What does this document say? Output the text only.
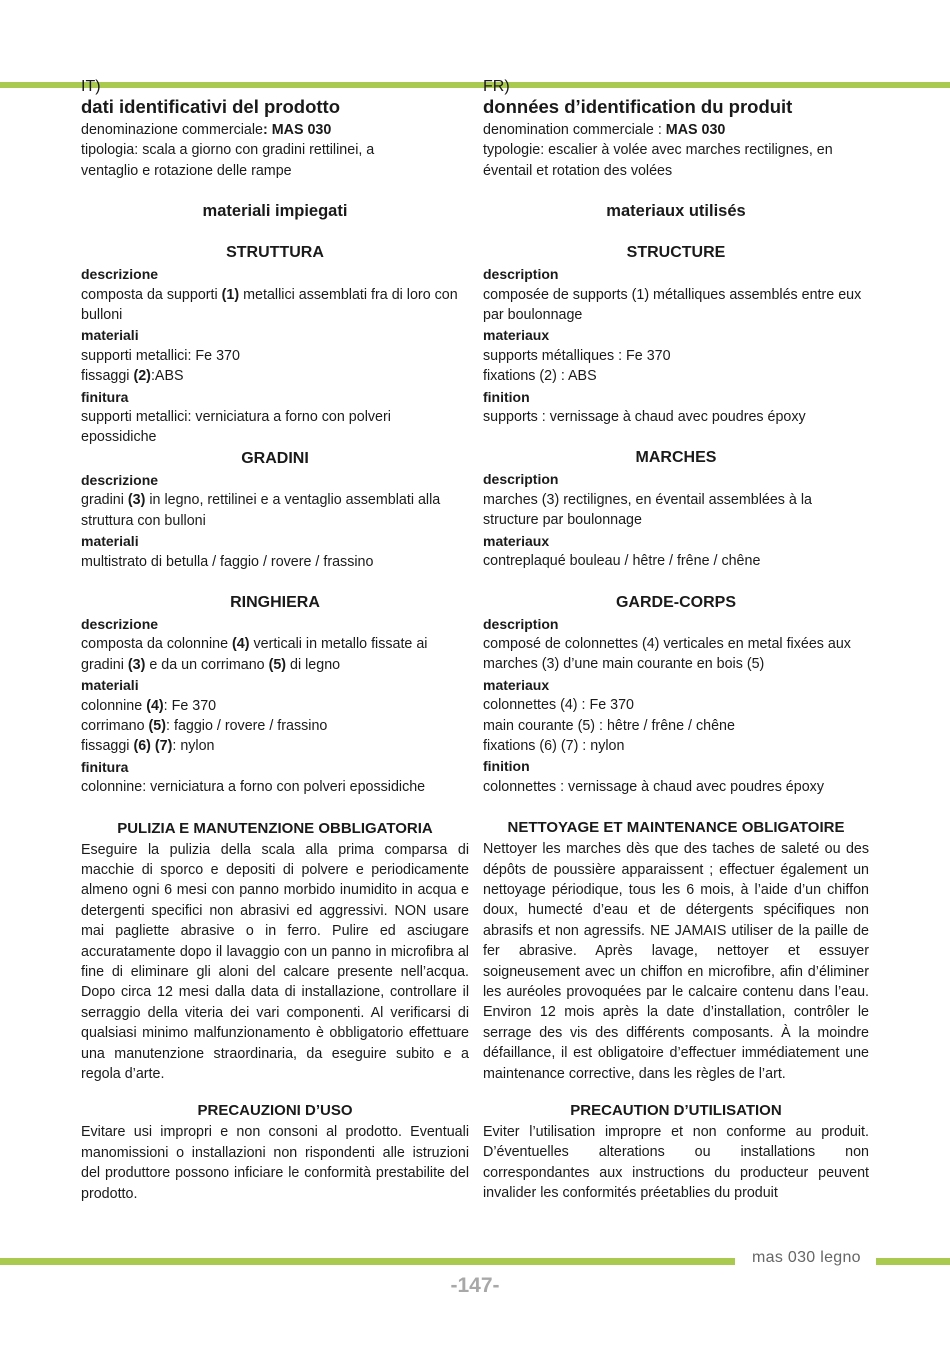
IT)
dati identificativi del prodotto
denominazione commerciale: MAS 030
tipologia: scala a giorno con gradini rettilinei, a
ventaglio e rotazione delle rampe
materiali impiegati
STRUTTURA
descrizione
composta da supporti (1) metallici assemblati fra di loro con bulloni
materiali
supporti metallici: Fe 370
fissaggi (2):ABS
finitura
supporti metallici: verniciatura a forno con polveri epossidiche
GRADINI
descrizione
gradini (3) in legno, rettilinei e a ventaglio assemblati alla struttura con bulloni
materiali
multistrato di betulla / faggio / rovere / frassino
RINGHIERA
descrizione
composta da colonnine (4) verticali in metallo fissate ai gradini (3) e da un corrimano (5) di legno
materiali
colonnine (4): Fe 370
corrimano (5): faggio / rovere / frassino
fissaggi (6) (7): nylon
finitura
colonnine: verniciatura a forno con polveri epossidiche
PULIZIA E MANUTENZIONE OBBLIGATORIA
Eseguire la pulizia della scala alla prima comparsa di macchie di sporco e depositi di polvere e periodicamente almeno ogni 6 mesi con panno morbido inumidito in acqua e detergenti specifici non abrasivi ed aggressivi. NON usare mai pagliette abrasive o in ferro. Pulire ed asciugare accuratamente dopo il lavaggio con un panno in microfibra al fine di eliminare gli aloni del calcare presente nell’acqua. Dopo circa 12 mesi dalla data di installazione, controllare il serraggio della viteria dei vari componenti. Al verificarsi di qualsiasi minimo malfunzionamento è obbligatorio effettuare una manutenzione straordinaria, da eseguire subito e a regola d’arte.
PRECAUZIONI D’USO
Evitare usi impropri e non consoni al prodotto. Eventuali manomissioni o installazioni non rispondenti alle istruzioni del produttore possono inficiare le conformità prestabilite del prodotto.
FR)
données d’identification du produit
denomination commerciale : MAS 030
typologie: escalier à volée avec marches rectilignes, en
éventail et rotation des volées
materiaux utilisés
STRUCTURE
description
composée de supports (1) métalliques assemblés entre eux par boulonnage
materiaux
supports métalliques : Fe 370
fixations (2) : ABS
finition
supports : vernissage à chaud avec poudres époxy
MARCHES
description
marches (3) rectilignes, en éventail assemblées à la structure par boulonnage
materiaux
contreplaqué bouleau / hêtre / frêne / chêne
GARDE-CORPS
description
composé de colonnettes (4) verticales en metal fixées aux marches (3) d’une main courante en bois (5)
materiaux
colonnettes (4) : Fe 370
main courante (5) : hêtre / frêne / chêne
fixations (6) (7) : nylon
finition
colonnettes : vernissage à chaud avec poudres époxy
NETTOYAGE ET MAINTENANCE OBLIGATOIRE
Nettoyer les marches dès que des taches de saleté ou des dépôts de poussière apparaissent ; effectuer également un nettoyage périodique, tous les 6 mois, à l’aide d’un chiffon doux, humecté d’eau et de détergents spécifiques non abrasifs et non agressifs. NE JAMAIS utiliser de la paille de fer abrasive. Après lavage, nettoyer et essuyer soigneusement avec un chiffon en microfibre, afin d’éliminer les auréoles provoquées par le calcaire contenu dans l’eau. Environ 12 mois après la date d’installation, contrôler le serrage des vis des différents composants. À la moindre défaillance, il est obligatoire d’effectuer immédiatement une maintenance corrective, dans les règles de l’art.
PRECAUTION D’UTILISATION
Eviter l’utilisation impropre et non conforme au produit. D’éventuelles alterations ou installations non correspondantes aux instructions du producteur peuvent invalider les conformités préetablies du produit
mas 030 legno
-147-
